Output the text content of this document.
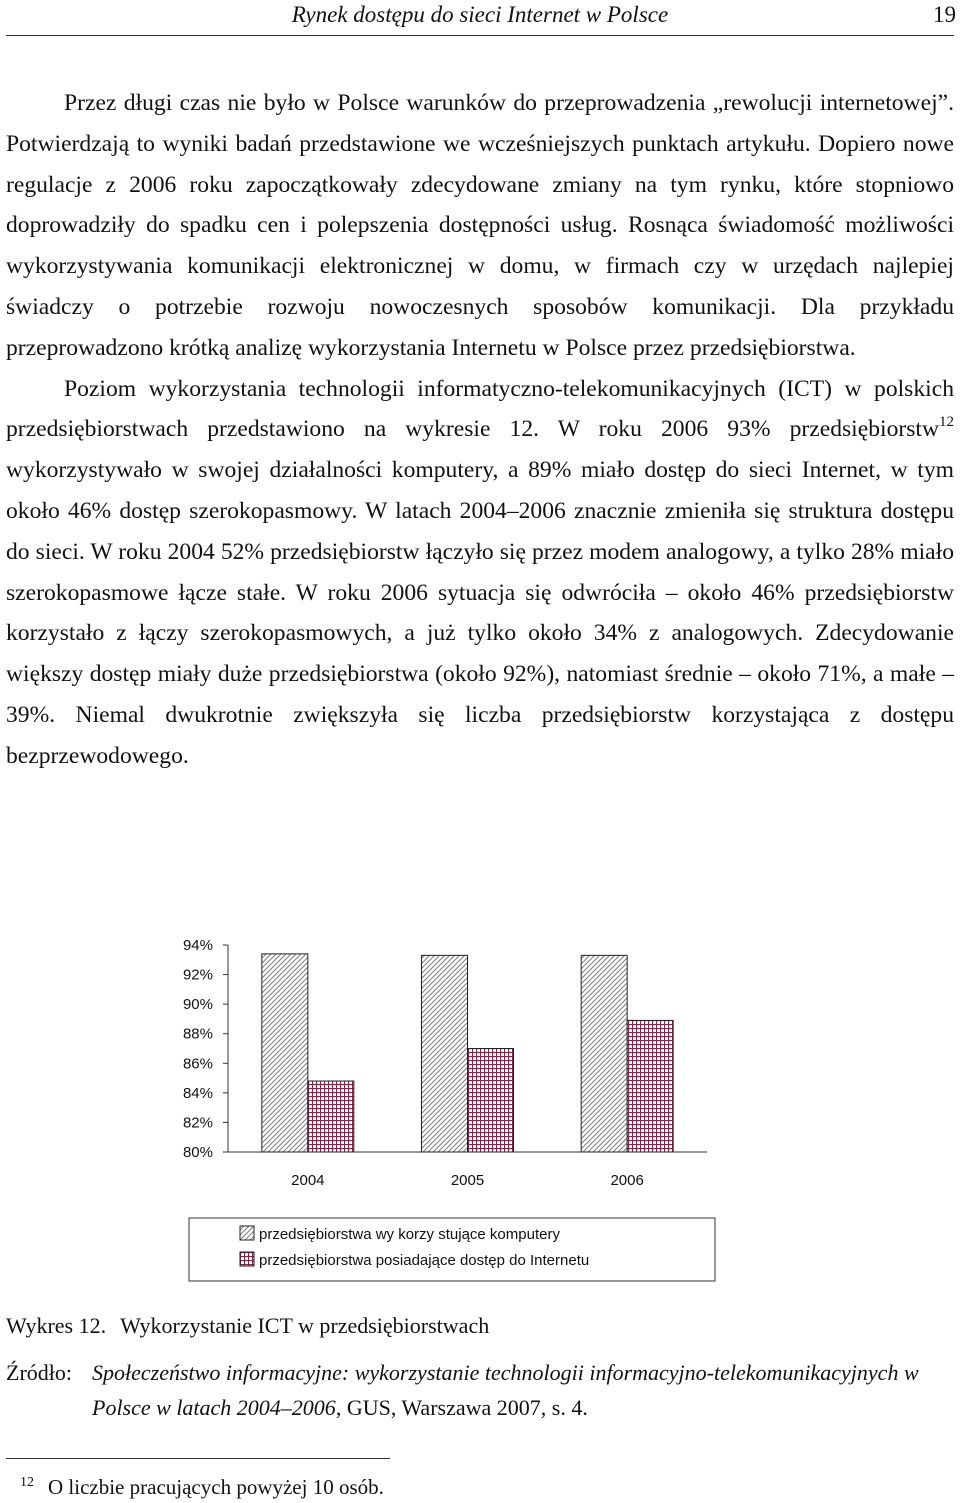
Rynek dostępu do sieci Internet w Polsce	19

Przez długi czas nie było w Polsce warunków do przeprowadzenia „rewolucji internetowej”. Potwierdzają to wyniki badań przedstawione we wcześniejszych punktach artykułu. Dopiero nowe regulacje z 2006 roku zapoczątkowały zdecydowane zmiany na tym rynku, które stopniowo doprowadziły do spadku cen i polepszenia dostępności usług. Rosnąca świadomość możliwości wykorzystywania komunikacji elektronicznej w domu, w firmach czy w urzędach najlepiej świadczy o potrzebie rozwoju nowoczesnych sposobów komunikacji. Dla przykładu przeprowadzono krótką analizę wykorzystania Internetu w Polsce przez przedsiębiorstwa.

Poziom wykorzystania technologii informatyczno-telekomunikacyjnych (ICT) w polskich przedsiębiorstwach przedstawiono na wykresie 12. W roku 2006 93% przedsiębiorstw$^{12}$ wykorzystywało w swojej działalności komputery, a 89% miało dostęp do sieci Internet, w tym około 46% dostęp szerokopasmowy. W latach 2004–2006 znacznie zmieniła się struktura dostępu do sieci. W roku 2004 52% przedsiębiorstw łączyło się przez modem analogowy, a tylko 28% miało szerokopasmowe łącze stałe. W roku 2006 sytuacja się odwróciła – około 46% przedsiębiorstw korzystało z łączy szerokopasmowych, a już tylko około 34% z analogowych. Zdecydowanie większy dostęp miały duże przedsiębiorstwa (około 92%), natomiast średnie – około 71%, a małe – 39%. Niemal dwukrotnie zwiększyła się liczba przedsiębiorstw korzystająca z dostępu bezprzewodowego.

80%
82%
84%
86%
88%
90%
92%
94%
2004	2005	2006
przedsiębiorstwa wy korzy stujące komputery
przedsiębiorstwa posiadające dostęp do Internetu
Wykres 12. Wykorzystanie ICT w przedsiębiorstwach
Źródło: Społeczeństwo informacyjne: wykorzystanie technologii informacyjno-telekomunikacyjnych w Polsce w latach 2004–2006, GUS, Warszawa 2007, s. 4.
$^{12}$ O liczbie pracujących powyżej 10 osób.
